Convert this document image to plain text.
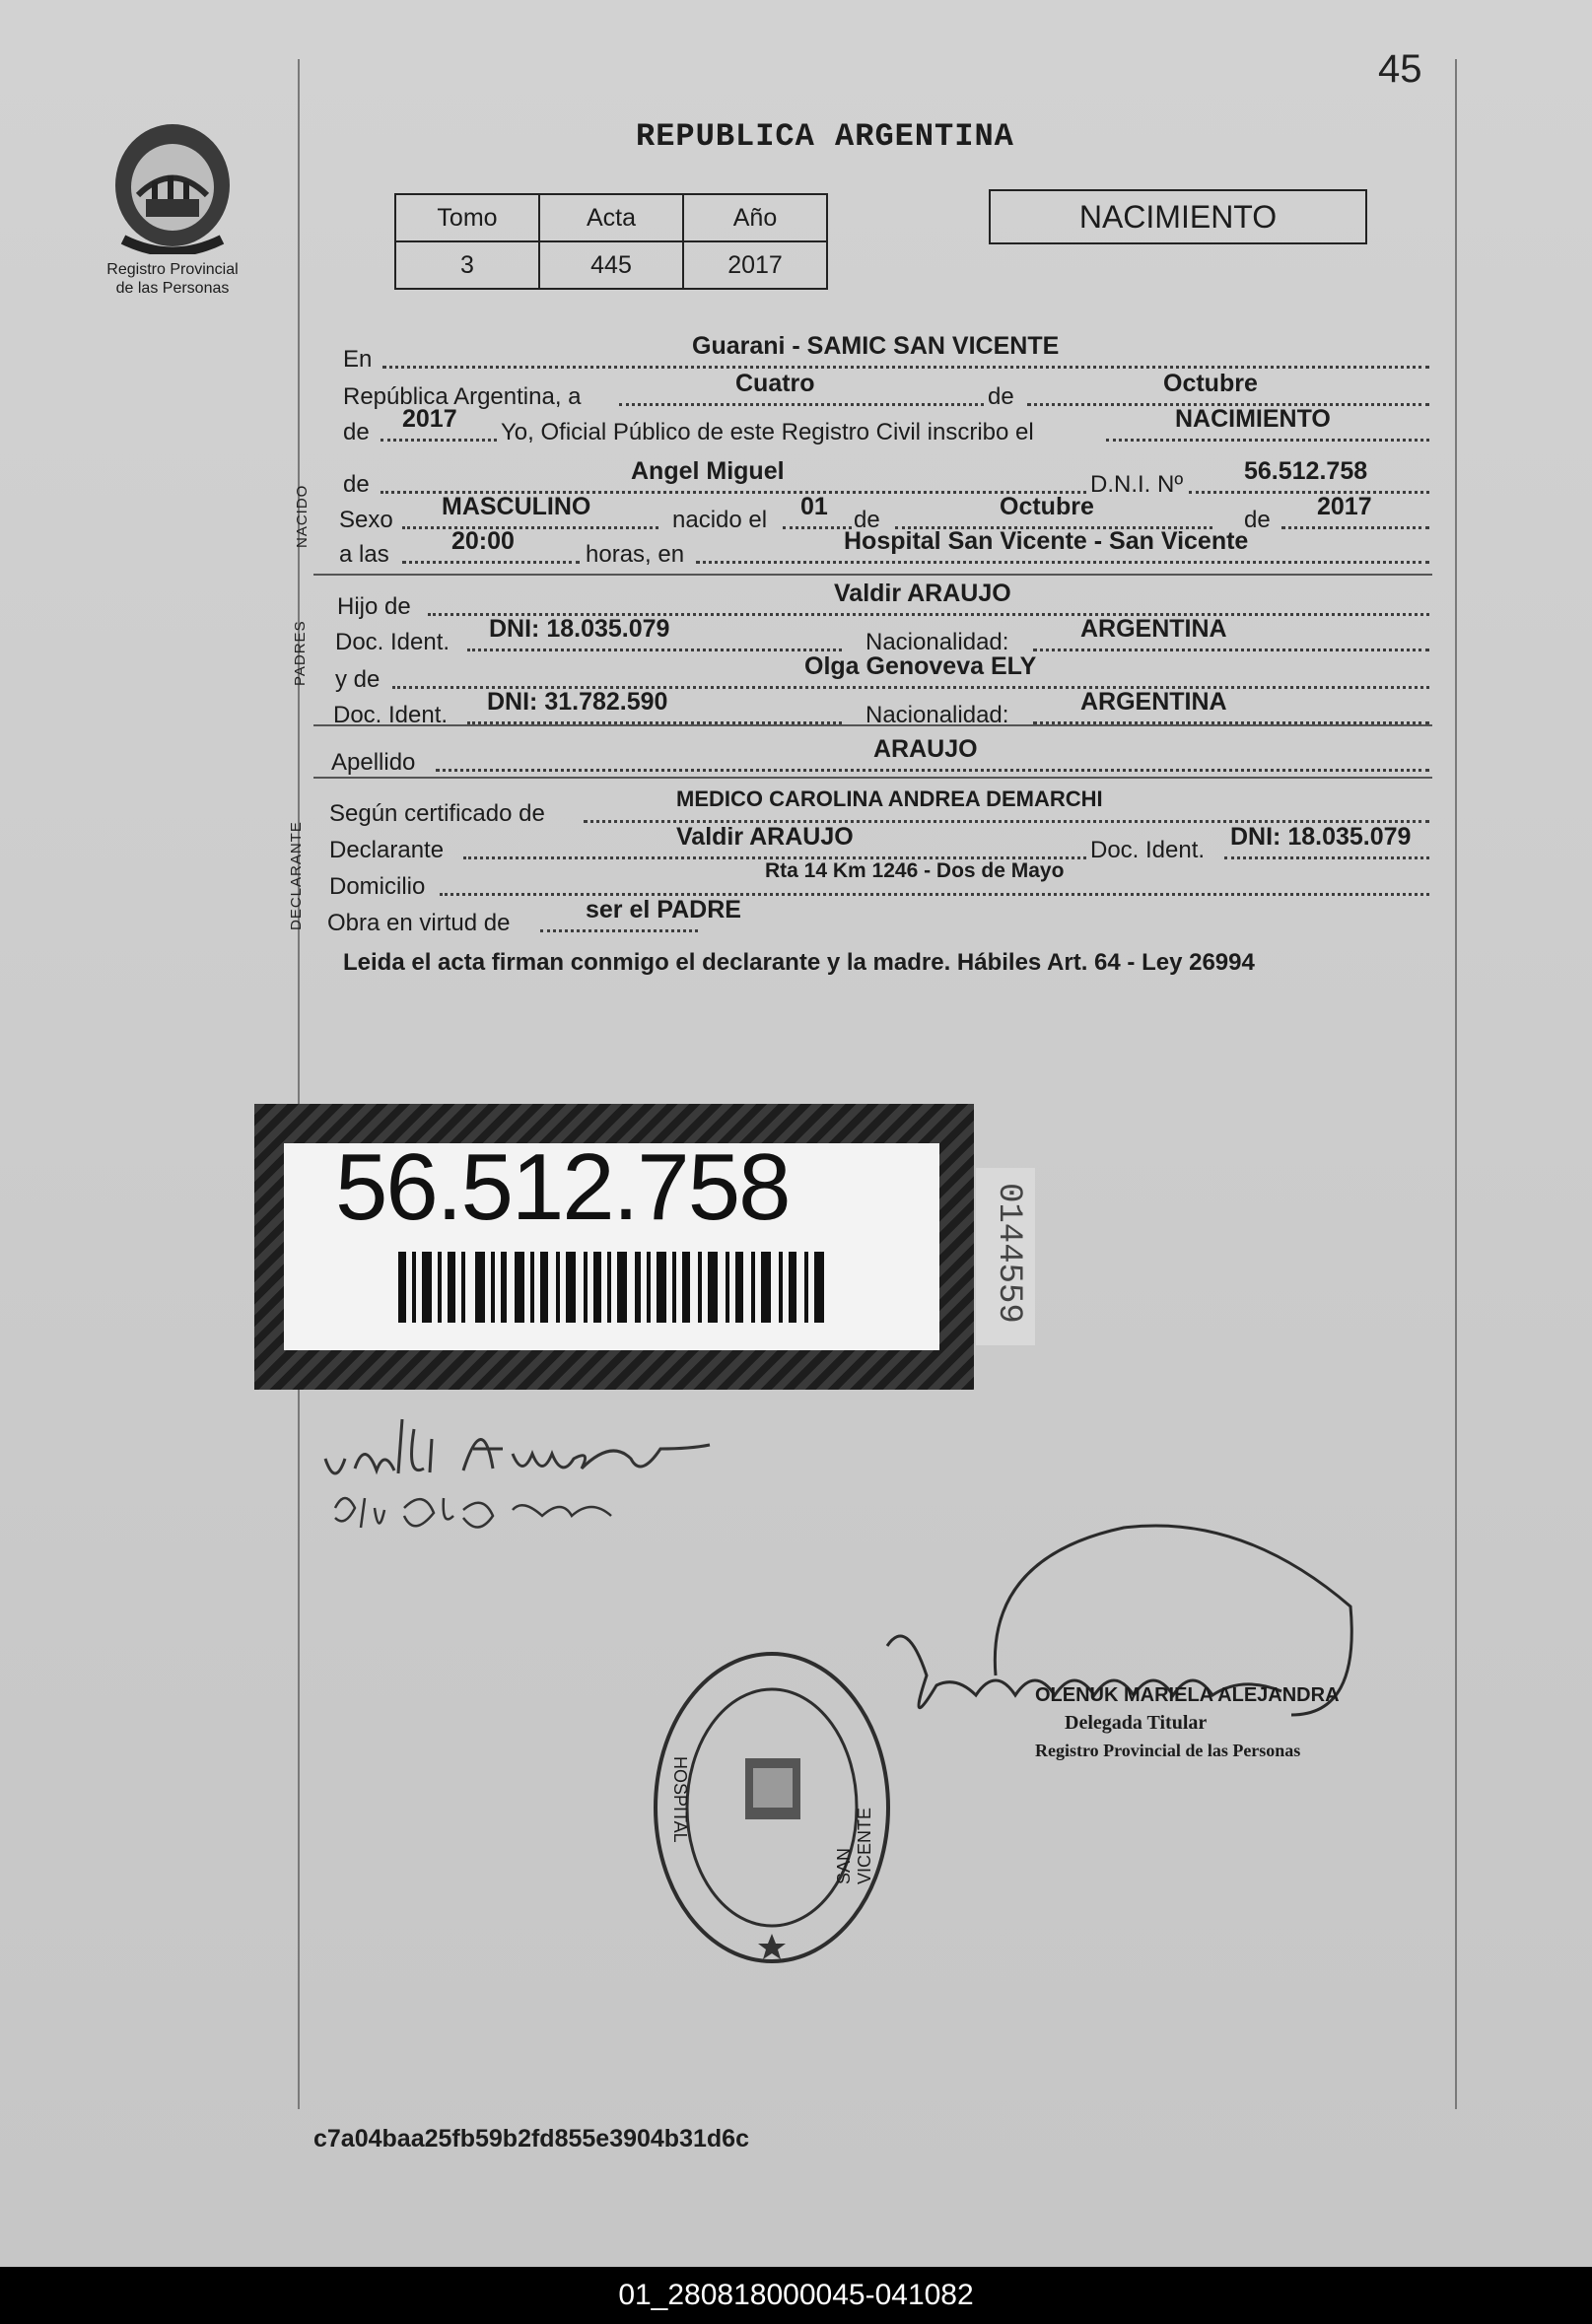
45
REPUBLICA ARGENTINA
Registro Provincial
de las Personas
Tomo	Acta	Año
3	445	2017
NACIMIENTO
En	Guarani - SAMIC SAN VICENTE
República Argentina, a	Cuatro	de	Octubre
de 2017 Yo, Oficial Público de este Registro Civil inscribo el	NACIMIENTO
de	Angel Miguel	D.N.I. Nº 56.512.758
Sexo MASCULINO	nacido el 01 de	Octubre	de 2017
a las	20:00	horas, en	Hospital San Vicente - San Vicente
Hijo de	Valdir ARAUJO
Doc. Ident. DNI: 18.035.079	Nacionalidad:	ARGENTINA
y de	Olga Genoveva ELY
Doc. Ident. DNI: 31.782.590	Nacionalidad:	ARGENTINA
Apellido	ARAUJO
Según certificado de
MEDICO CAROLINA ANDREA DEMARCHI
Declarante	Valdir ARAUJO	Doc. Ident. DNI: 18.035.079
Domicilio
Rta 14 Km 1246 - Dos de Mayo
Obra en virtud de	ser el PADRE
NACIDO
PADRES
DECLARANTE
Leida el acta firman conmigo el declarante y la madre. Hábiles Art. 64 - Ley 26994
56.512.758	0144559
OLENUK MARIELA ALEJANDRA
Delegada Titular
Registro Provincial de las Personas
HOSPITAL
SAN VICENTE
c7a04baa25fb59b2fd855e3904b31d6c
01_280818000045-041082
